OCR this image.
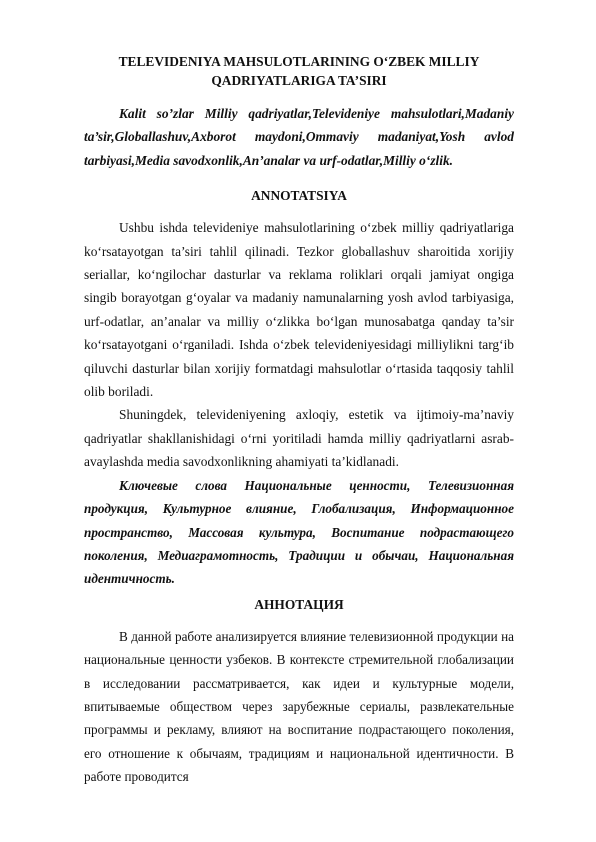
TELEVIDENIYA MAHSULOTLARINING O‘ZBEK MILLIY

QADRIYATLARIGA TA’SIRI

Kalit so’zlar Milliy qadriyatlar,Televideniye mahsulotlari,Madaniy ta’sir,Globallashuv,Axborot maydoni,Ommaviy madaniyat,Yosh avlod tarbiyasi,Media savodxonlik,An’analar va urf-odatlar,Milliy o‘zlik.

ANNOTATSIYA

Ushbu ishda televideniye mahsulotlarining o‘zbek milliy qadriyatlariga ko‘rsatayotgan ta’siri tahlil qilinadi. Tezkor globallashuv sharoitida xorijiy seriallar, ko‘ngilochar dasturlar va reklama roliklari orqali jamiyat ongiga singib borayotgan g‘oyalar va madaniy namunalarning yosh avlod tarbiyasiga, urf-odatlar, an’analar va milliy o‘zlikka bo‘lgan munosabatga qanday ta’sir ko‘rsatayotgani o‘rganiladi. Ishda o‘zbek televideniyesidagi milliylikni targ‘ib qiluvchi dasturlar bilan xorijiy formatdagi mahsulotlar o‘rtasida taqqosiy tahlil olib boriladi.

Shuningdek, televideniyening axloqiy, estetik va ijtimoiy-ma’naviy qadriyatlar shakllanishidagi o‘rni yoritiladi hamda milliy qadriyatlarni asrab-avaylashda media savodxonlikning ahamiyati ta’kidlanadi.

Ключевые слова Национальные ценности, Телевизионная продукция, Культурное влияние, Глобализация, Информационное пространство, Массовая культура, Воспитание подрастающего поколения, Медиаграмотность, Традиции и обычаи, Национальная идентичность.

АННОТАЦИЯ

В данной работе анализируется влияние телевизионной продукции на национальные ценности узбеков. В контексте стремительной глобализации в исследовании рассматривается, как идеи и культурные модели, впитываемые обществом через зарубежные сериалы, развлекательные программы и рекламу, влияют на воспитание подрастающего поколения, его отношение к обычаям, традициям и национальной идентичности. В работе проводится
